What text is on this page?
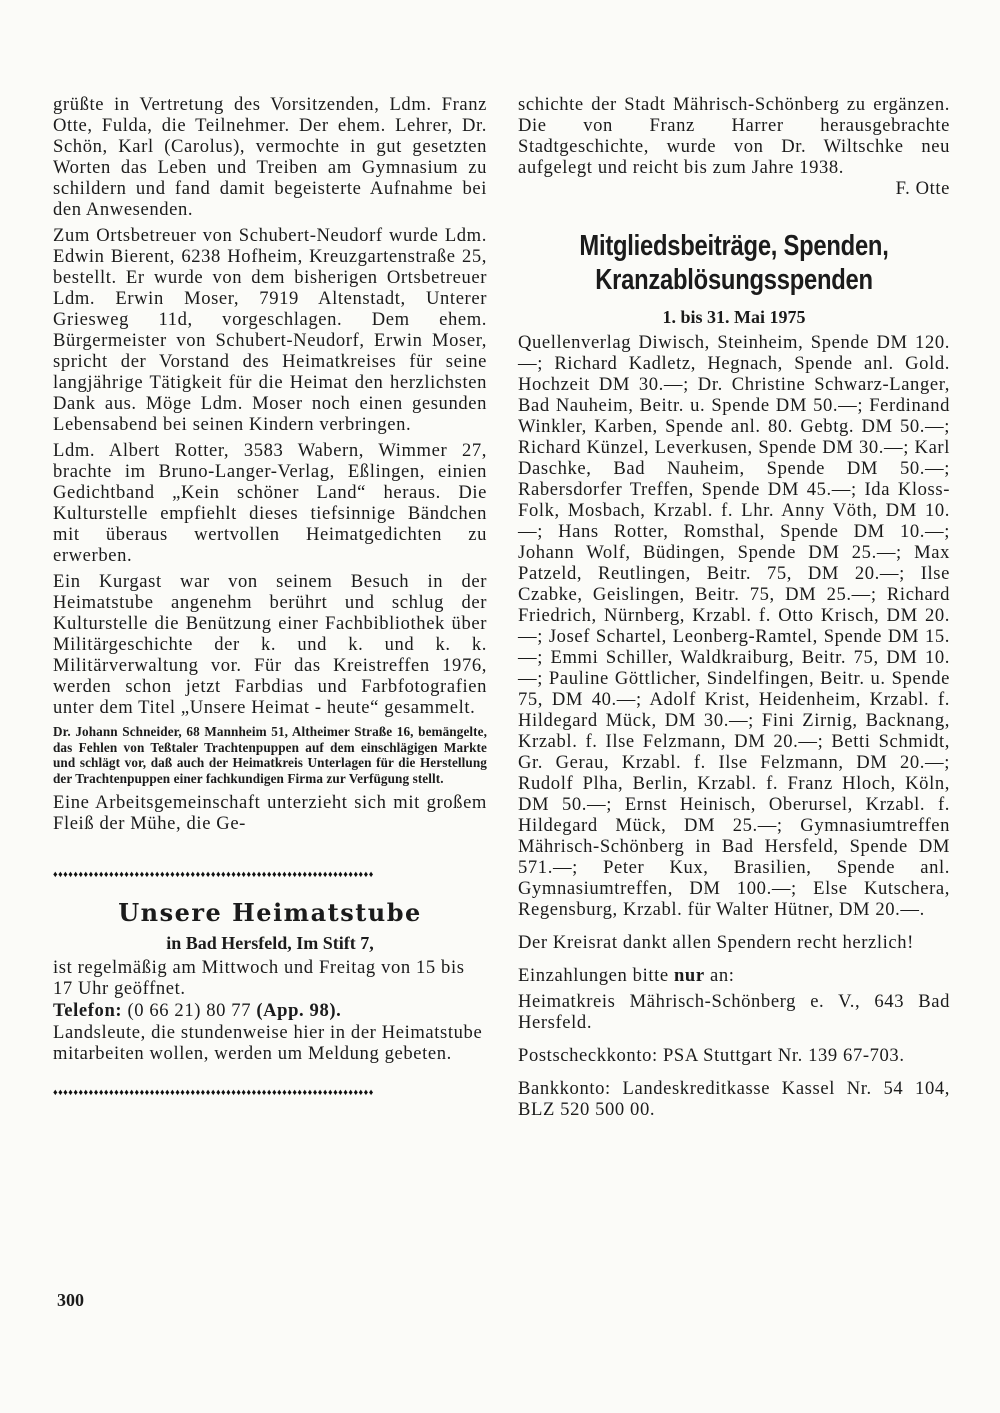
grüßte in Vertretung des Vorsitzenden, Ldm. Franz Otte, Fulda, die Teilnehmer. Der ehem. Lehrer, Dr. Schön, Karl (Carolus), vermochte in gut gesetzten Worten das Leben und Treiben am Gymnasium zu schildern und fand damit begeisterte Aufnahme bei den Anwesenden.

Zum Ortsbetreuer von Schubert-Neudorf wurde Ldm. Edwin Bierent, 6238 Hofheim, Kreuzgartenstraße 25, bestellt. Er wurde von dem bisherigen Ortsbetreuer Ldm. Erwin Moser, 7919 Altenstadt, Unterer Griesweg 11d, vorgeschlagen. Dem ehem. Bürgermeister von Schubert-Neudorf, Erwin Moser, spricht der Vorstand des Heimatkreises für seine langjährige Tätigkeit für die Heimat den herzlichsten Dank aus. Möge Ldm. Moser noch einen gesunden Lebensabend bei seinen Kindern verbringen.

Ldm. Albert Rotter, 3583 Wabern, Wimmer 27, brachte im Bruno-Langer-Verlag, Eßlingen, einien Gedichtband „Kein schöner Land“ heraus. Die Kulturstelle empfiehlt dieses tiefsinnige Bändchen mit überaus wertvollen Heimatgedichten zu erwerben.

Ein Kurgast war von seinem Besuch in der Heimatstube angenehm berührt und schlug der Kulturstelle die Benützung einer Fachbibliothek über Militärgeschichte der k. und k. und k. k. Militärverwaltung vor. Für das Kreistreffen 1976, werden schon jetzt Farbdias und Farbfotografien unter dem Titel „Unsere Heimat - heute“ gesammelt.

Dr. Johann Schneider, 68 Mannheim 51, Altheimer Straße 16, bemängelte, das Fehlen von Teßtaler Trachtenpuppen auf dem einschlägigen Markte und schlägt vor, daß auch der Heimatkreis Unterlagen für die Herstellung der Trachtenpuppen einer fachkundigen Firma zur Verfügung stellt.

Eine Arbeitsgemeinschaft unterzieht sich mit großem Fleiß der Mühe, die Ge-

♦♦♦♦♦♦♦♦♦♦♦♦♦♦♦♦♦♦♦♦♦♦♦♦♦♦♦♦♦♦♦♦♦♦♦♦♦♦♦♦♦♦♦♦♦♦♦♦♦♦♦♦♦♦♦♦♦♦♦♦♦♦♦
Unsere Heimatstube
in Bad Hersfeld, Im Stift 7,

ist regelmäßig am Mittwoch und Freitag von 15 bis 17 Uhr geöffnet.

Telefon: (0 66 21) 80 77 (App. 98).

Landsleute, die stundenweise hier in der Heimatstube mitarbeiten wollen, werden um Meldung gebeten.

♦♦♦♦♦♦♦♦♦♦♦♦♦♦♦♦♦♦♦♦♦♦♦♦♦♦♦♦♦♦♦♦♦♦♦♦♦♦♦♦♦♦♦♦♦♦♦♦♦♦♦♦♦♦♦♦♦♦♦♦♦♦♦

schichte der Stadt Mährisch-Schönberg zu ergänzen. Die von Franz Harrer herausgebrachte Stadtgeschichte, wurde von Dr. Wiltschke neu aufgelegt und reicht bis zum Jahre 1938.
F. Otte

Mitgliedsbeiträge, Spenden,
Kranzablösungsspenden
1. bis 31. Mai 1975

Quellenverlag Diwisch, Steinheim, Spende DM 120.—; Richard Kadletz, Hegnach, Spende anl. Gold. Hochzeit DM 30.—; Dr. Christine Schwarz-Langer, Bad Nauheim, Beitr. u. Spende DM 50.—; Ferdinand Winkler, Karben, Spende anl. 80. Gebtg. DM 50.—; Richard Künzel, Leverkusen, Spende DM 30.—; Karl Daschke, Bad Nauheim, Spende DM 50.—; Rabersdorfer Treffen, Spende DM 45.—; Ida Kloss-Folk, Mosbach, Krzabl. f. Lhr. Anny Vöth, DM 10.—; Hans Rotter, Romsthal, Spende DM 10.—; Johann Wolf, Büdingen, Spende DM 25.—; Max Patzeld, Reutlingen, Beitr. 75, DM 20.—; Ilse Czabke, Geislingen, Beitr. 75, DM 25.—; Richard Friedrich, Nürnberg, Krzabl. f. Otto Krisch, DM 20.—; Josef Schartel, Leonberg-Ramtel, Spende DM 15.—; Emmi Schiller, Waldkraiburg, Beitr. 75, DM 10.—; Pauline Göttlicher, Sindelfingen, Beitr. u. Spende 75, DM 40.—; Adolf Krist, Heidenheim, Krzabl. f. Hildegard Mück, DM 30.—; Fini Zirnig, Backnang, Krzabl. f. Ilse Felzmann, DM 20.—; Betti Schmidt, Gr. Gerau, Krzabl. f. Ilse Felzmann, DM 20.—; Rudolf Plha, Berlin, Krzabl. f. Franz Hloch, Köln, DM 50.—; Ernst Heinisch, Oberursel, Krzabl. f. Hildegard Mück, DM 25.—; Gymnasiumtreffen Mährisch-Schönberg in Bad Hersfeld, Spende DM 571.—; Peter Kux, Brasilien, Spende anl. Gymnasiumtreffen, DM 100.—; Else Kutschera, Regensburg, Krzabl. für Walter Hütner, DM 20.—.

Der Kreisrat dankt allen Spendern recht herzlich!

Einzahlungen bitte nur an:

Heimatkreis Mährisch-Schönberg e. V., 643 Bad Hersfeld.

Postscheckkonto: PSA Stuttgart Nr. 139 67-703.

Bankkonto: Landeskreditkasse Kassel Nr. 54 104, BLZ 520 500 00.

300
